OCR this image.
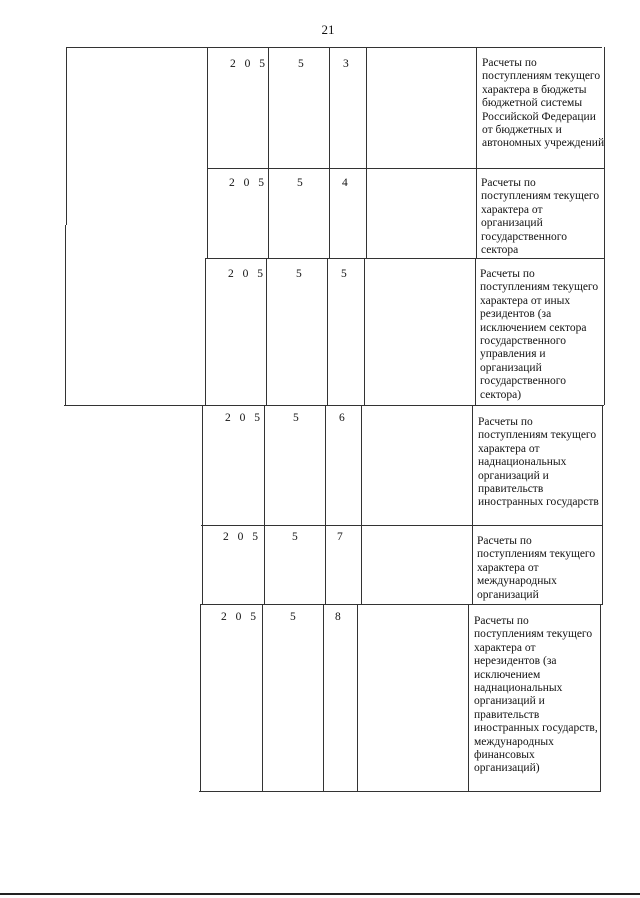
21
2 0 5	5	3	Расчеты по поступлениям текущего характера в бюджеты бюджетной системы Российской Федерации от бюджетных и автономных учреждений
2 0 5	5	4	Расчеты по поступлениям текущего характера от организаций государственного сектора
2 0 5	5	5	Расчеты по поступлениям текущего характера от иных резидентов (за исключением сектора государственного управления и организаций государственного сектора)
2 0 5	5	6	Расчеты по поступлениям текущего характера от наднациональных организаций и правительств иностранных государств
2 0 5	5	7	Расчеты по поступлениям текущего характера от международных организаций
2 0 5	5	8	Расчеты по поступлениям текущего характера от нерезидентов (за исключением наднациональных организаций и правительств иностранных государств, международных финансовых организаций)
